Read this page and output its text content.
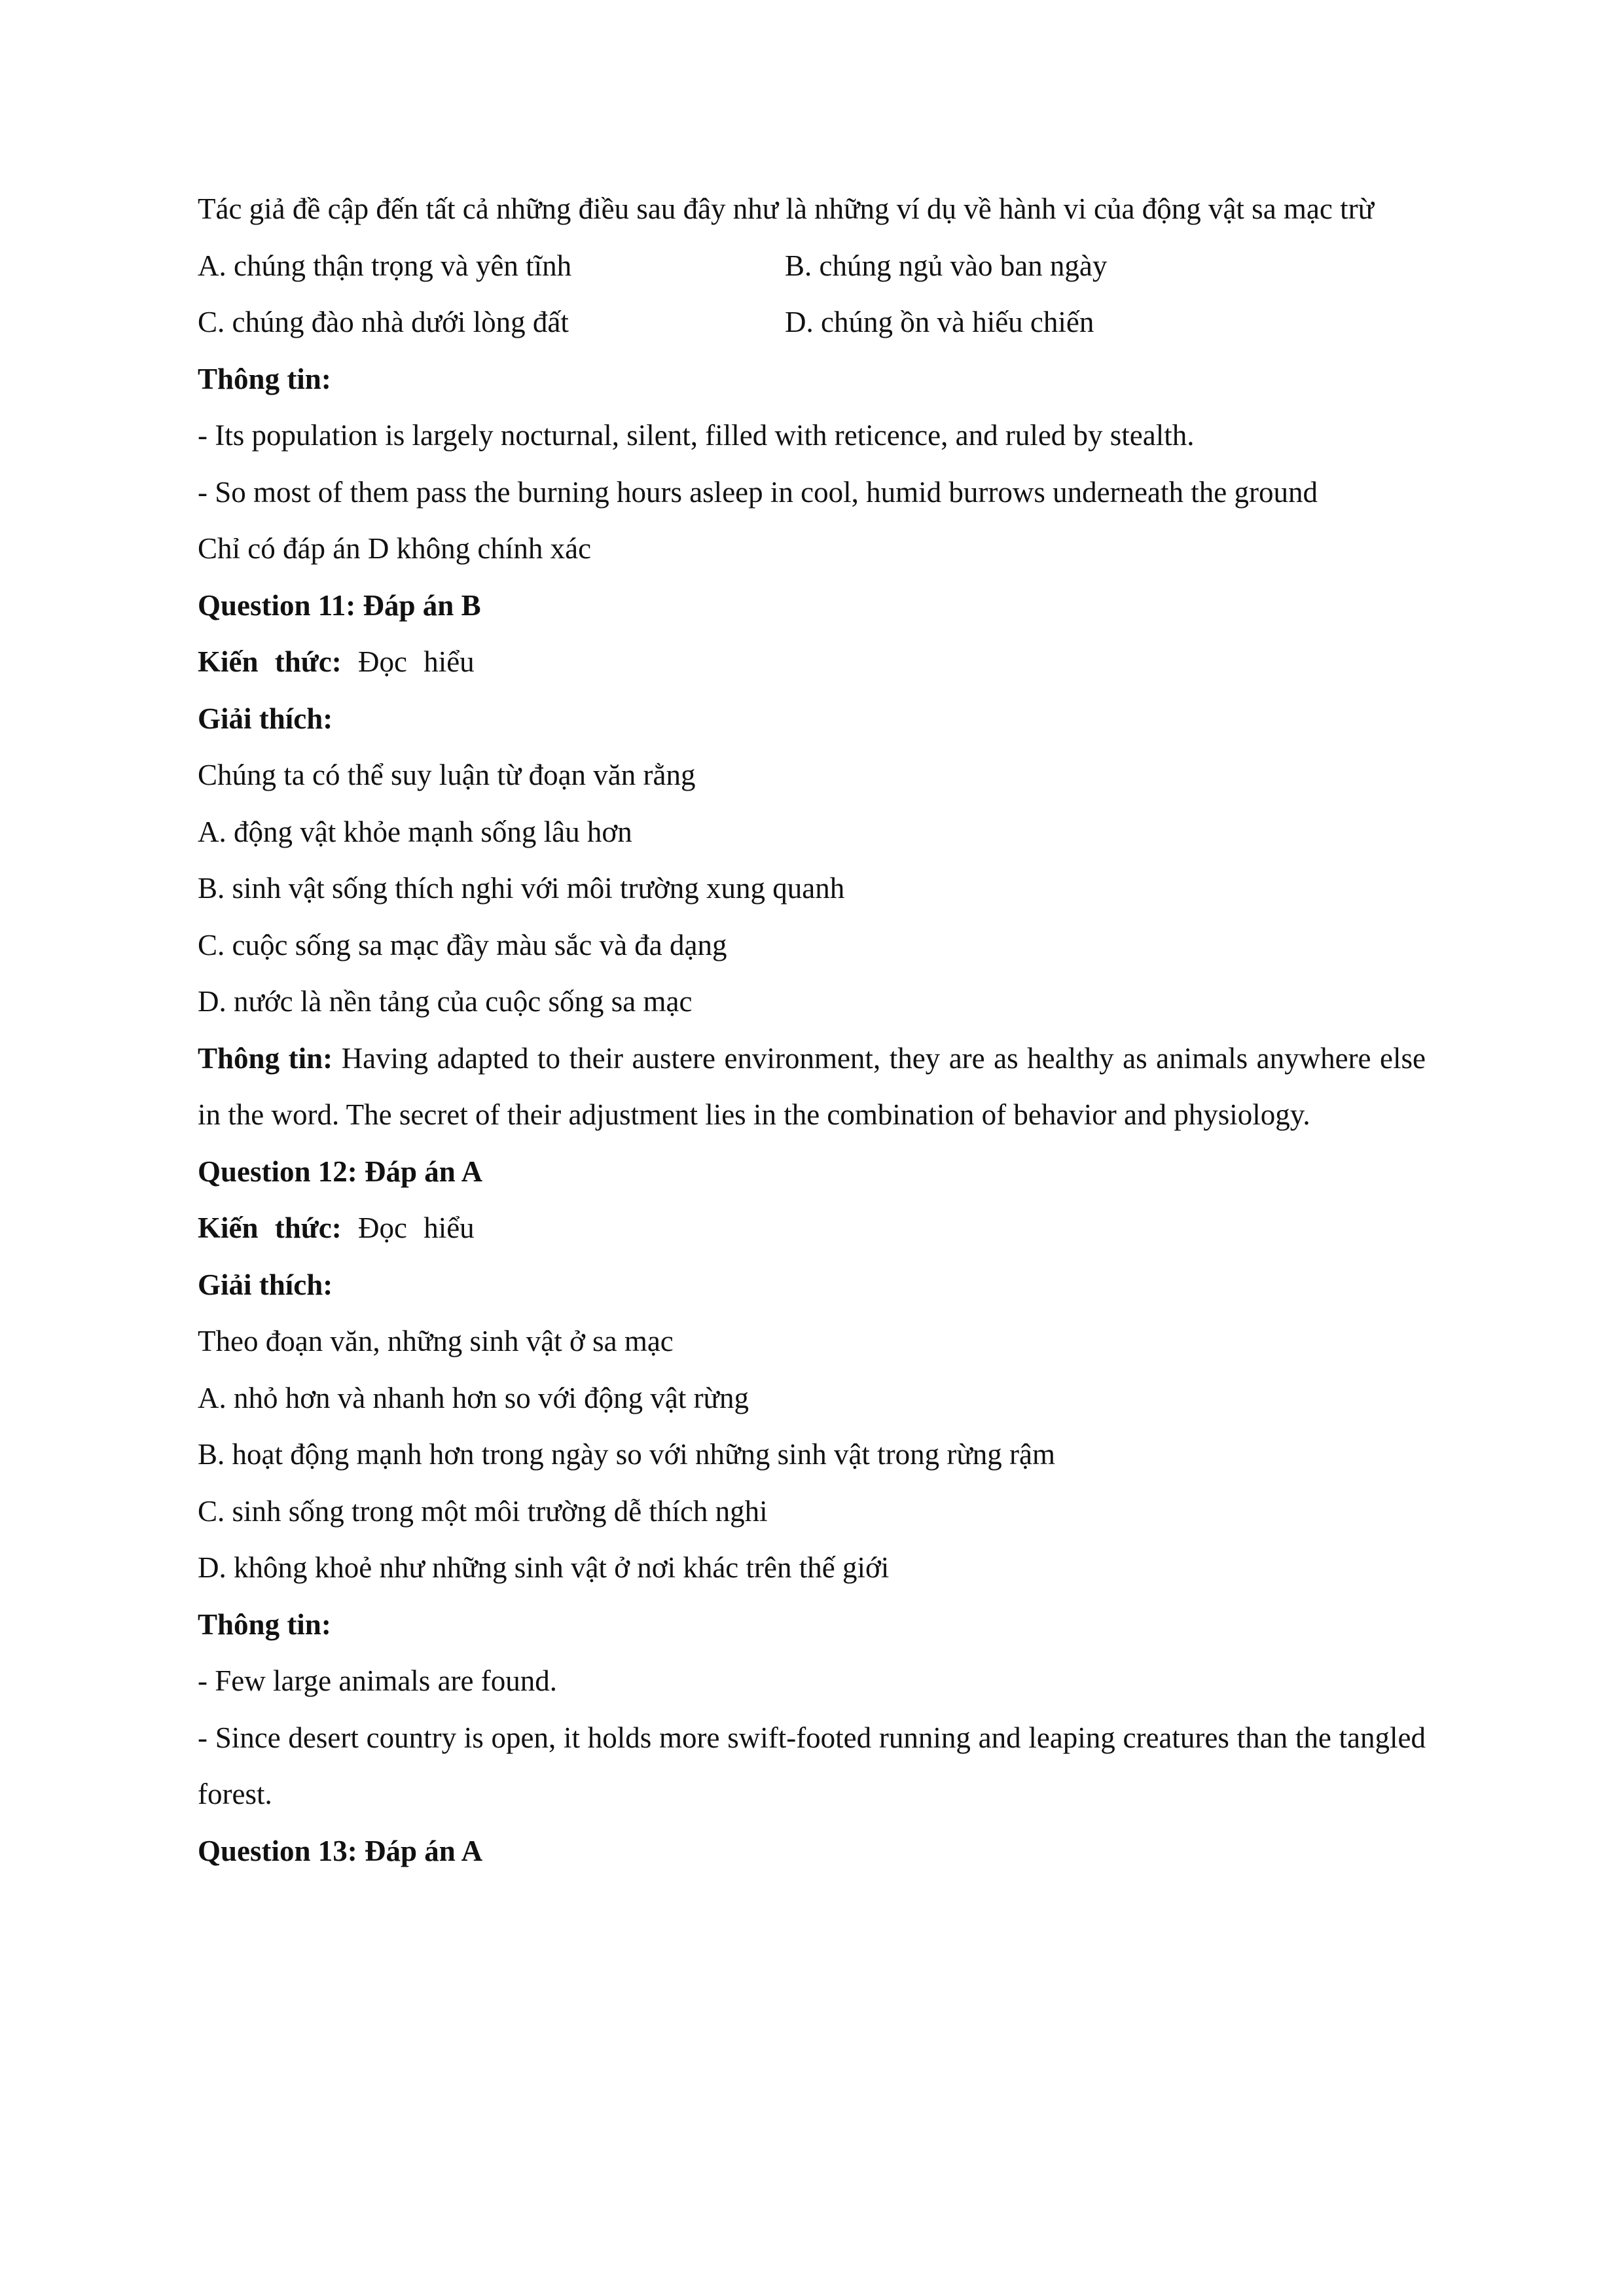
Tác giả đề cập đến tất cả những điều sau đây như là những ví dụ về hành vi của động vật sa mạc trừ

A. chúng thận trọng và yên tĩnh	B. chúng ngủ vào ban ngày
C. chúng đào nhà dưới lòng đất	D. chúng ồn và hiếu chiến

Thông tin:

- Its population is largely nocturnal, silent, filled with reticence, and ruled by stealth.

- So most of them pass the burning hours asleep in cool, humid burrows underneath the ground

Chỉ có đáp án D không chính xác

Question 11: Đáp án B

Kiến thức: Đọc hiểu

Giải thích:

Chúng ta có thể suy luận từ đoạn văn rằng

A. động vật khỏe mạnh sống lâu hơn

B. sinh vật sống thích nghi với môi trường xung quanh

C. cuộc sống sa mạc đầy màu sắc và đa dạng

D. nước là nền tảng của cuộc sống sa mạc

Thông tin: Having adapted to their austere environment, they are as healthy as animals anywhere else in the word. The secret of their adjustment lies in the combination of behavior and physiology.

Question 12: Đáp án A

Kiến thức: Đọc hiểu

Giải thích:

Theo đoạn văn, những sinh vật ở sa mạc

A. nhỏ hơn và nhanh hơn so với động vật rừng

B. hoạt động mạnh hơn trong ngày so với những sinh vật trong rừng rậm

C. sinh sống trong một môi trường dễ thích nghi

D. không khoẻ như những sinh vật ở nơi khác trên thế giới

Thông tin:

- Few large animals are found.

- Since desert country is open, it holds more swift-footed running and leaping creatures than the tangled forest.

Question 13: Đáp án A
